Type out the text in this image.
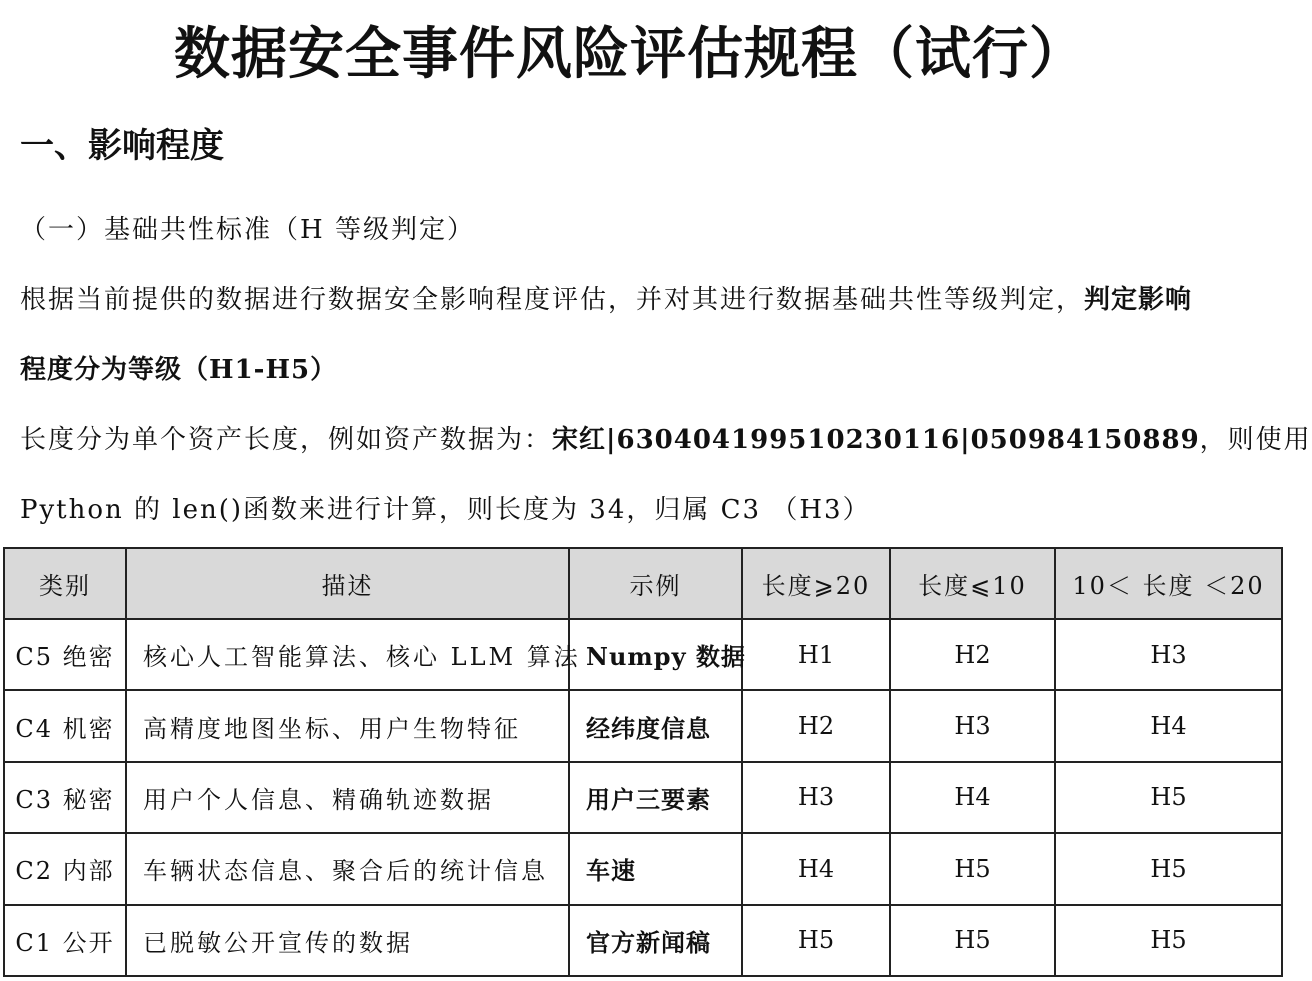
数据安全事件风险评估规程（试行）
一、影响程度
（一）基础共性标准（H 等级判定）
根据当前提供的数据进行数据安全影响程度评估，并对其进行数据基础共性等级判定，判定影响
程度分为等级（H1-H5）
长度分为单个资产长度，例如资产数据为：宋红|630404199510230116|050984150889，则使用
Python 的 len()函数来进行计算，则长度为 34，归属 C3 （H3）
类别	描述	示例	长度⩾20	长度⩽10	10＜ 长度 ＜20
C5 绝密	核心人工智能算法、核心 LLM 算法	Numpy 数据	H1	H2	H3
C4 机密	高精度地图坐标、用户生物特征	经纬度信息	H2	H3	H4
C3 秘密	用户个人信息、精确轨迹数据	用户三要素	H3	H4	H5
C2 内部	车辆状态信息、聚合后的统计信息	车速	H4	H5	H5
C1 公开	已脱敏公开宣传的数据	官方新闻稿	H5	H5	H5
